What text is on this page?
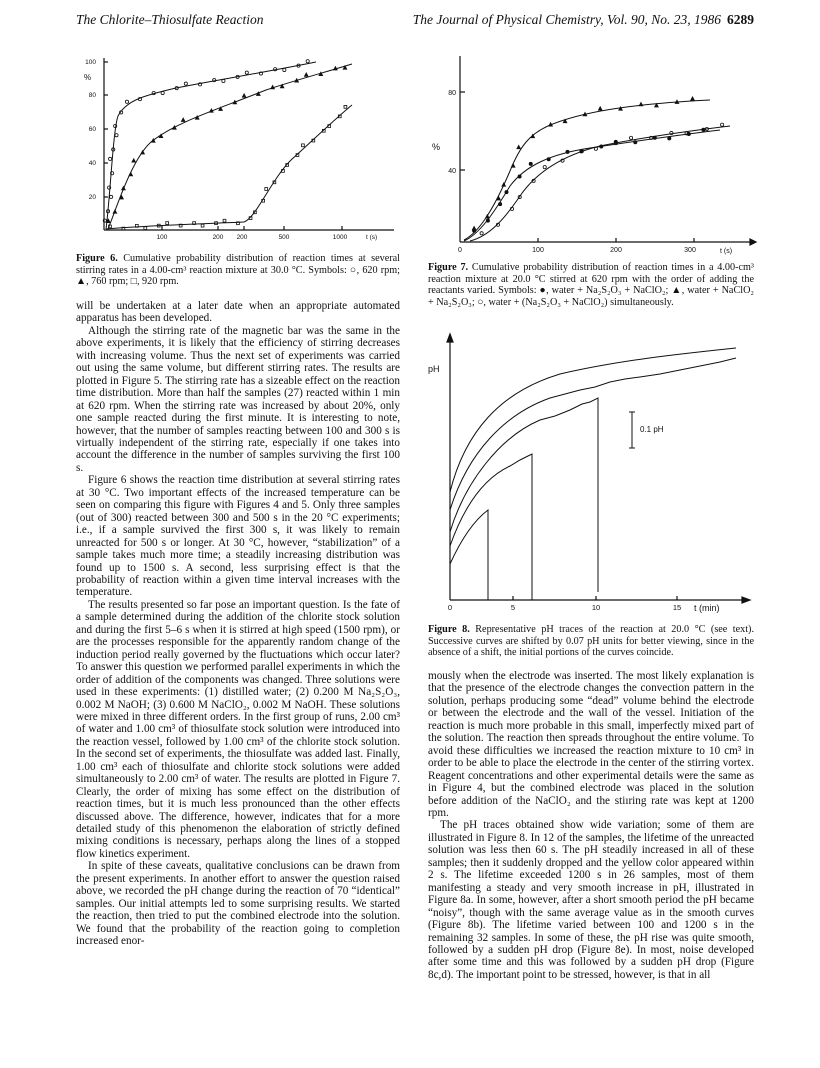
The Chlorite–Thiosulfate Reaction	The Journal of Physical Chemistry, Vol. 90, No. 23, 1986 6289
100
80
60
40
20
100	200 200	500	1000	t (s)
%
Figure 6. Cumulative probability distribution of reaction times at several stirring rates in a 4.00-cm³ reaction mixture at 30.0 °C. Symbols: ○, 620 rpm; ▲, 760 rpm; □, 920 rpm.

will be undertaken at a later date when an appropriate automated apparatus has been developed.

Although the stirring rate of the magnetic bar was the same in the above experiments, it is likely that the efficiency of stirring decreases with increasing volume. Thus the next set of experiments was carried out using the same volume, but different stirring rates. The results are plotted in Figure 5. The stirring rate has a sizeable effect on the reaction time distribution. More than half the samples (27) reacted within 1 min at 620 rpm. When the stirring rate was increased by about 20%, only one sample reacted during the first minute. It is interesting to note, however, that the number of samples reacting between 100 and 300 s is virtually independent of the stirring rate, especially if one takes into account the difference in the number of samples surviving the first 100 s.

Figure 6 shows the reaction time distribution at several stirring rates at 30 °C. Two important effects of the increased temperature can be seen on comparing this figure with Figures 4 and 5. Only three samples (out of 300) reacted between 300 and 500 s in the 20 °C experiments; i.e., if a sample survived the first 300 s, it was likely to remain unreacted for 500 s or longer. At 30 °C, however, “stabilization” of a sample takes much more time; a steadily increasing distribution was found up to 1500 s. A second, less surprising effect is that the probability of reaction within a given time interval increases with the temperature.

The results presented so far pose an important question. Is the fate of a sample determined during the addition of the chlorite stock solution and during the first 5–6 s when it is stirred at high speed (1500 rpm), or are the processes responsible for the apparently random change of the induction period really governed by the fluctuations which occur later? To answer this question we performed parallel experiments in which the order of addition of the components was changed. Three solutions were used in these experiments: (1) distilled water; (2) 0.200 M Na₂S₂O₃, 0.002 M NaOH; (3) 0.600 M NaClO₂, 0.002 M NaOH. These solutions were mixed in three different orders. In the first group of runs, 2.00 cm³ of water and 1.00 cm³ of thiosulfate stock solution were introduced into the reaction vessel, followed by 1.00 cm³ of the chlorite stock solution. In the second set of experiments, the thiosulfate was added last. Finally, 1.00 cm³ each of thiosulfate and chlorite stock solutions were added simultaneously to 2.00 cm³ of water. The results are plotted in Figure 7. Clearly, the order of mixing has some effect on the distribution of reaction times, but it is much less pronounced than the other effects discussed above. The difference, however, indicates that for a more detailed study of this phenomenon the elaboration of strictly defined mixing conditions is necessary, perhaps along the lines of a stopped flow kinetics experiment.

In spite of these caveats, qualitative conclusions can be drawn from the present experiments. In another effort to answer the question raised above, we recorded the pH change during the reaction of 70 “identical” samples. Our initial attempts led to some surprising results. We started the reaction, then tried to put the combined electrode into the solution. We found that the probability of the reaction going to completion increased enor-

80
40
0	100	200	300	t (s)
%
Figure 7. Cumulative probability distribution of reaction times in a 4.00-cm³ reaction mixture at 20.0 °C stirred at 620 rpm with the order of adding the reactants varied. Symbols: ●, water + Na₂S₂O₃ + NaClO₂; ▲, water + NaClO₂ + Na₂S₂O₃; ○, water + (Na₂S₂O₃ + NaClO₂) simultaneously.
pH
0	5	10	15 t (min)
0.1 pH
Figure 8. Representative pH traces of the reaction at 20.0 °C (see text). Successive curves are shifted by 0.07 pH units for better viewing, since in the absence of a shift, the initial portions of the curves coincide.

mously when the electrode was inserted. The most likely explanation is that the presence of the electrode changes the convection pattern in the solution, perhaps producing some “dead” volume behind the electrode or between the electrode and the wall of the vessel. Initiation of the reaction is much more probable in this small, imperfectly mixed part of the solution. The reaction then spreads throughout the entire volume. To avoid these difficulties we increased the reaction mixture to 10 cm³ in order to be able to place the electrode in the center of the stirring vortex. Reagent concentrations and other experimental details were the same as in Figure 4, but the combined electrode was placed in the solution before addition of the NaClO₂ and the stiıring rate was kept at 1200 rpm.

The pH traces obtained show wide variation; some of them are illustrated in Figure 8. In 12 of the samples, the lifetime of the unreacted solution was less then 60 s. The pH steadily increased in all of these samples; then it suddenly dropped and the yellow color appeared within 2 s. The lifetime exceeded 1200 s in 26 samples, most of them manifesting a steady and very smooth increase in pH, illustrated in Figure 8a. In some, however, after a short smooth period the pH became “noisy”, though with the same average value as in the smooth curves (Figure 8b). The lifetime varied between 100 and 1200 s in the remaining 32 samples. In some of these, the pH rise was quite smooth, followed by a sudden pH drop (Figure 8e). In most, noise developed after some time and this was followed by a sudden pH drop (Figure 8c,d). The important point to be stressed, however, is that in all
